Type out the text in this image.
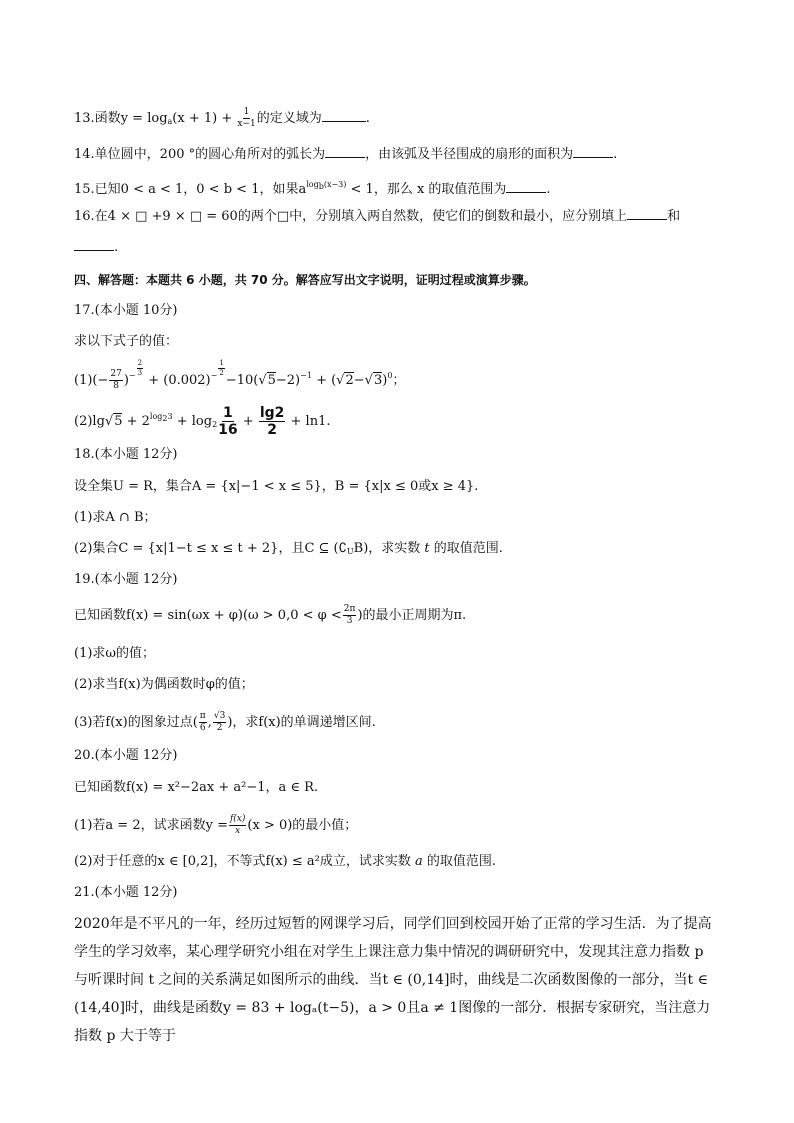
13.函数$y = \log_a(x + 1) + \frac{1}{x-1}$ 的定义域为	.
14.单位圆中，200 °的圆心角所对的弧长为	，由该弧及半径围成的扇形的面积为	.
15.已知0 < a < 1，0 < b < 1，如果$a^{log_b(x-3)} < 1$，那么 x 的取值范围为	.
16.在4 × □ +9 × □ = 60的两个□中，分别填入两自然数，使它们的倒数和最小，应分别填上	和
.
四、解答题：本题共 6 小题，共 70 分。解答应写出文字说明，证明过程或演算步骤。
17.(本小题 10分)
求以下式子的值：
$(1)(- \frac{27}{8} )^{- \frac{2}{3}}$
+ $(0.002)^{- \frac{1}{2}}$
$-10(√5-2)^{-1} + (√2-√3)^0$；
$(2)\lg√5 + 2^{log_23} + \log_2 \frac{1}{16} + \frac{\lg 2}{2} + \ln 1$.
18.(本小题 12分)
设全集U = R，集合A = {x|−1 < x ≤ 5}，B = {x|x ≤ 0或x ≥ 4}.
(1)求A ∩ B；
(2)集合C = {x|1−t ≤ x ≤ t + 2}，且C ⊆ $(∁_UB)$，求实数 t 的取值范围.
19.(本小题 12分)
已知函数$f(x) = \sin(\omega x + \varphi)(\omega > 0,0 < \varphi < \frac{2\pi}{3}$ )的最小正周期为π.
(1)求ω的值；
(2)求当f(x)为偶函数时φ的值；
(3)若f(x)的图象过点( $\frac{\pi}{6}$ , $\frac{√3}{2}$ )，求f(x)的单调递增区间.
20.(本小题 12分)
已知函数f(x) = x²−2ax + a²−1，a ∈ R.
(1)若a = 2，试求函数$y = \frac{f(x)}{x} (x > 0)$的最小值；
(2)对于任意的x ∈ [0,2]，不等式f(x) ≤ a²成立，试求实数 a 的取值范围.
21.(本小题 12分)
2020年是不平凡的一年，经历过短暂的网课学习后，同学们回到校园开始了正常的学习生活．为了提高学生的学习效率，某心理学研究小组在对学生上课注意力集中情况的调研研究中，发现其注意力指数 p 与听课时间 t 之间的关系满足如图所示的曲线．当t ∈ (0,14]时，曲线是二次函数图像的一部分，当t ∈ (14,40]时，曲线是函数y = 83 + logₐ(t−5)，a > 0且a ≠ 1图像的一部分．根据专家研究，当注意力指数 p 大于等于
